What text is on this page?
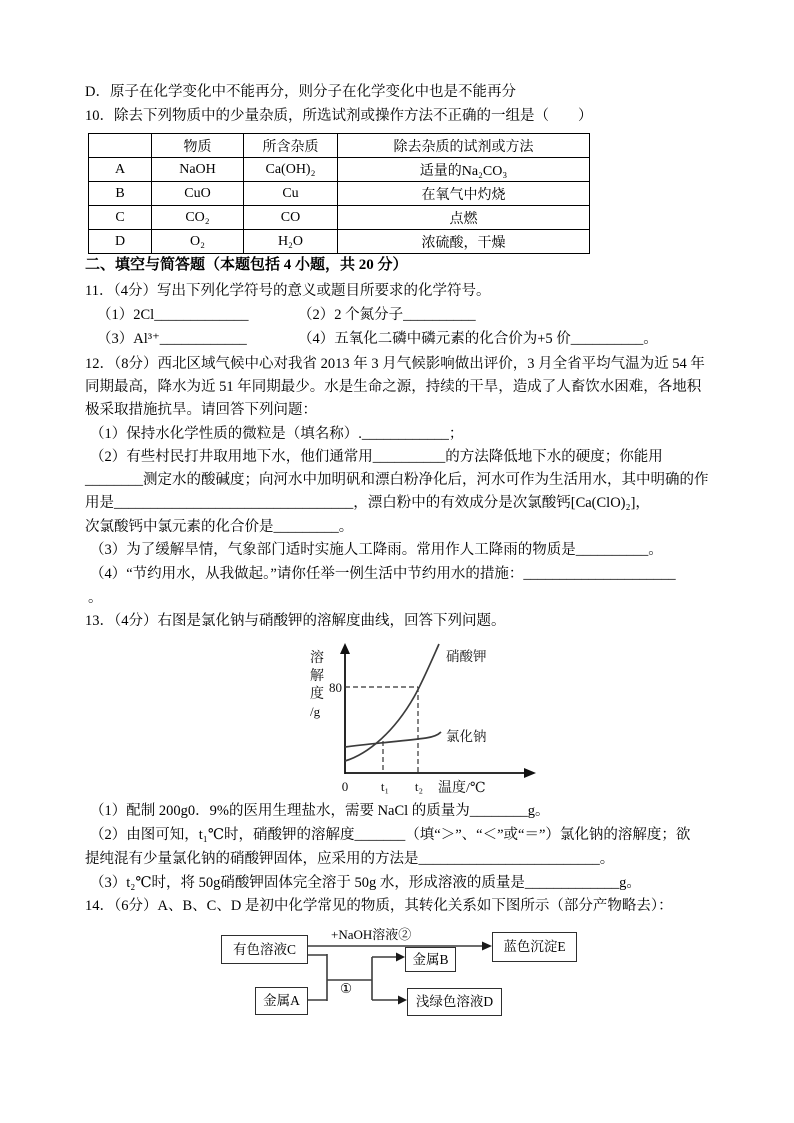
D．原子在化学变化中不能再分，则分子在化学变化中也是不能再分
10．除去下列物质中的少量杂质，所选试剂或操作方法不正确的一组是（　　）
	物质	所含杂质	除去杂质的试剂或方法
A	NaOH	Ca(OH)₂	适量的Na₂CO₃
B	CuO	Cu	在氧气中灼烧
C	CO₂	CO	点燃
D	O₂	H₂O	浓硫酸，干燥
二、填空与简答题（本题包括 4 小题，共 20 分）
11．（4分）写出下列化学符号的意义或题目所要求的化学符号。
（1）2Cl_____________	（2）2 个氮分子__________
（3）Al³⁺____________	（4）五氧化二磷中磷元素的化合价为+5 价__________。
12．（8分）西北区域气候中心对我省 2013 年 3 月气候影响做出评价，3 月全省平均气温为近 54 年
同期最高，降水为近 51 年同期最少。水是生命之源，持续的干旱，造成了人畜饮水困难，各地积
极采取措施抗旱。请回答下列问题：
（1）保持水化学性质的微粒是（填名称）.____________；
（2）有些村民打井取用地下水，他们通常用__________的方法降低地下水的硬度；你能用
________测定水的酸碱度；向河水中加明矾和漂白粉净化后，河水可作为生活用水，其中明确的作
用是_________________________________，漂白粉中的有效成分是次氯酸钙[Ca(ClO)₂]，
次氯酸钙中氯元素的化合价是_________。
（3）为了缓解旱情，气象部门适时实施人工降雨。常用作人工降雨的物质是__________。
（4）“节约用水，从我做起。”请你任举一例生活中节约用水的措施：_____________________
。
13．（4分）右图是氯化钠与硝酸钾的溶解度曲线，回答下列问题。
溶
解
度
/g
80
0	t₁ t₂ 温度/℃
硝酸钾
氯化钠
（1）配制 200g0．9%的医用生理盐水，需要 NaCl 的质量为________g。
（2）由图可知，t₁℃时，硝酸钾的溶解度_______（填“＞”、“＜”或“＝”）氯化钠的溶解度；欲
提纯混有少量氯化钠的硝酸钾固体，应采用的方法是_________________________。
（3）t₂℃时，将 50g硝酸钾固体完全溶于 50g 水，形成溶液的质量是_____________g。
14．（6分）A、B、C、D 是初中化学常见的物质，其转化关系如下图所示（部分产物略去）：
+NaOH溶液②
①
有色溶液C	蓝色沉淀E
金属B
金属A	浅绿色溶液D
